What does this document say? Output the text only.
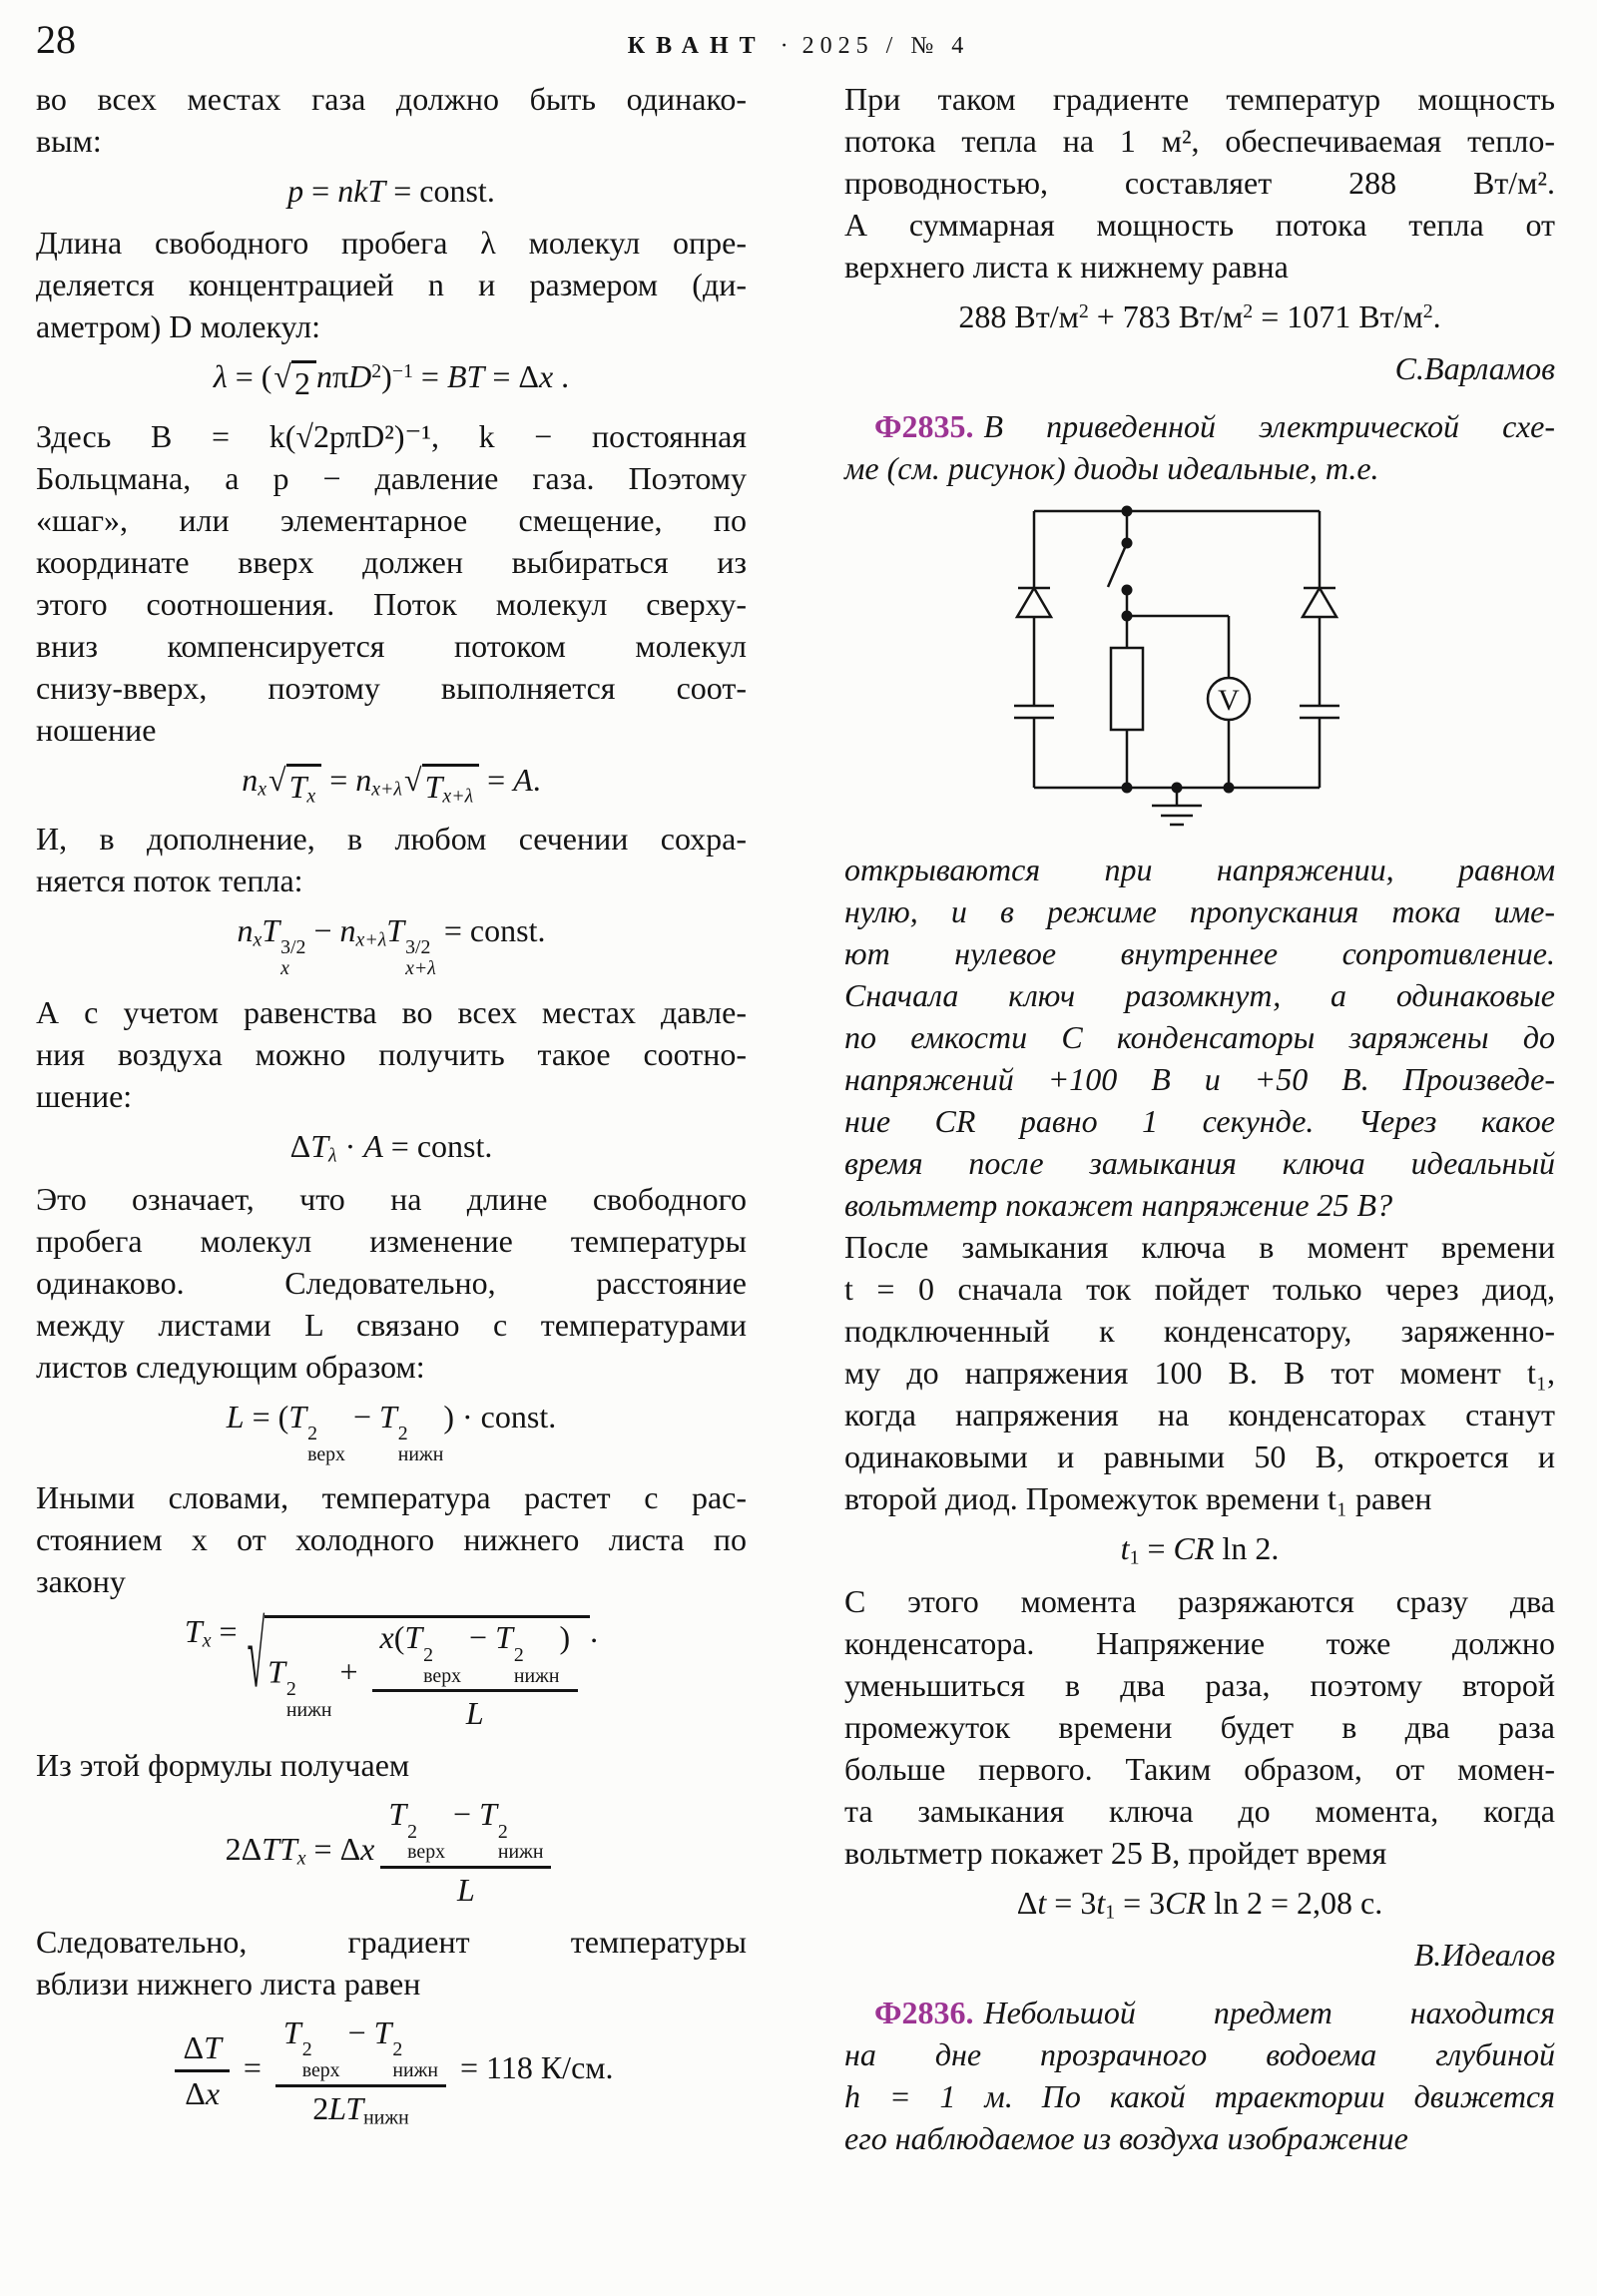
28	КВАНТ · 2025 / № 4
во всех местах газа должно быть одинако-
вым:
p = nkT = const.
Длина свободного пробега λ молекул опре-
деляется концентрацией n и размером (ди-
аметром) D молекул:
λ = ( √ 2 nπD$^2$)$^{-1}$ = BT = Δx .
Здесь B = k(√2pπD²)⁻¹, k − постоянная
Больцмана, а p − давление газа. Поэтому
«шаг», или элементарное смещение, по
координате вверх должен выбираться из
этого соотношения. Поток молекул сверху-
вниз компенсируется потоком молекул
снизу-вверх, поэтому выполняется соот-
ношение
$n_x$ √ $T_x = n_{x+\lambda}$ √ $T_{x+\lambda} = A$.
И, в дополнение, в любом сечении сохра-
няется поток тепла:
$n_xT$ 3/2
x
− $n_{x+\lambda}T$ 3/2
x+λ
= const.
А с учетом равенства во всех местах давле-
ния воздуха можно получить такое соотно-
шение:
$\Delta T_\lambda \cdot A$ = const.
Это означает, что на длине свободного
пробега молекул изменение температуры
одинаково. Следовательно, расстояние
между листами L связано с температурами
листов следующим образом:
L = (T 2
верх
− T 2
нижн
) · const.
Иными словами, температура растет с рас-
стоянием x от холодного нижнего листа по
закону
$T_x$ = √ T 2
нижн
+ x(T 2
верх
− T 2
нижн
)
L .
Из этой формулы получаем
$2\Delta TT_x = \Delta x$ T 2
верх
− T 2
нижн
L
Следовательно, градиент температуры
вблизи нижнего листа равен
$\frac{\Delta T}{\Delta x} = T$ 2
верх
− T 2
нижн
$2LT_{нижн} = 118$ К/см.
При таком градиенте температур мощность
потока тепла на 1 м², обеспечиваемая тепло-
проводностью, составляет 288 Вт/м².
А суммарная мощность потока тепла от
верхнего листа к нижнему равна
288 $Вт/м^2 + 783$ $Вт/м^2 = 1071$ $Вт/м^2$.
С.Варламов
Ф2835. В приведенной электрической схе-
ме (см. рисунок) диоды идеальные, т.е.
V
открываются при напряжении, равном
нулю, и в режиме пропускания тока име-
ют нулевое внутреннее сопротивление.
Сначала ключ разомкнут, а одинаковые
по емкости C конденсаторы заряжены до
напряжений +100 В и +50 В. Произведе-
ние CR равно 1 секунде. Через какое
время после замыкания ключа идеальный
вольтметр покажет напряжение 25 В?
После замыкания ключа в момент времени
t = 0 сначала ток пойдет только через диод,
подключенный к конденсатору, заряженно-
му до напряжения 100 В. В тот момент t₁,
когда напряжения на конденсаторах станут
одинаковыми и равными 50 В, откроется и
второй диод. Промежуток времени t₁ равен
$t_1$ = CR ln 2.
С этого момента разряжаются сразу два
конденсатора. Напряжение тоже должно
уменьшиться в два раза, поэтому второй
промежуток времени будет в два раза
больше первого. Таким образом, от момен-
та замыкания ключа до момента, когда
вольтметр покажет 25 В, пройдет время
$\Delta t = 3t_1 = 3CR$ ln 2 = 2,08 с.
В.Идеалов
Ф2836. Небольшой предмет находится
на дне прозрачного водоема глубиной
h = 1 м. По какой траектории движется
его наблюдаемое из воздуха изображение
